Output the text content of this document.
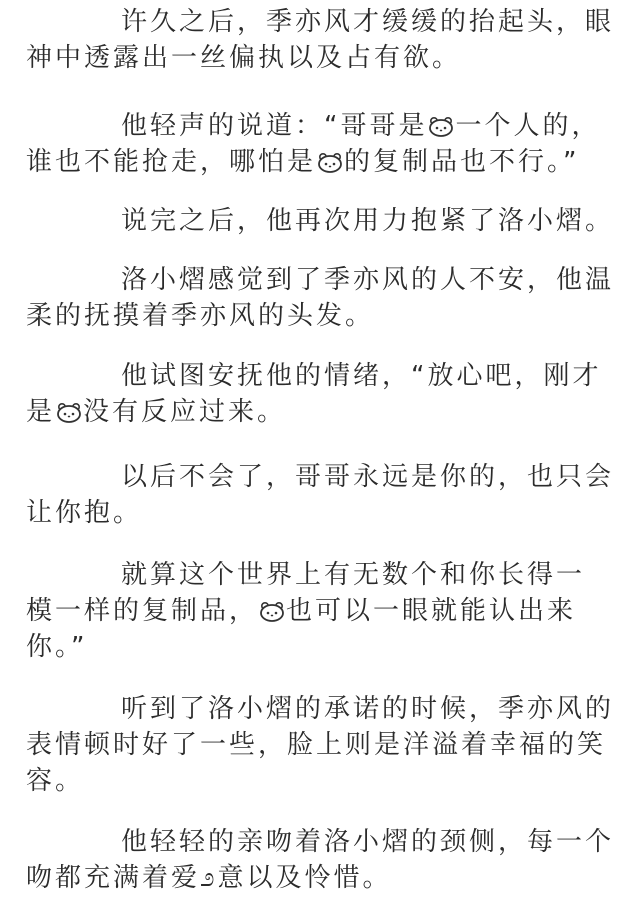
许久之后，季亦风才缓缓的抬起头，眼
神中透露出一丝偏执以及占有欲。
他轻声的说道：“哥哥是 一个人的，
谁也不能抢走，哪怕是 的复制品也不行。”
说完之后，他再次用力抱紧了洛小熠。
洛小熠感觉到了季亦风的人不安，他温
柔的抚摸着季亦风的头发。
他试图安抚他的情绪，“放心吧，刚才
是 没有反应过来。
以后不会了，哥哥永远是你的，也只会
让你抱。
就算这个世界上有无数个和你长得一
模一样的复制品， 也可以一眼就能认出来
你。”
听到了洛小熠的承诺的时候，季亦风的
表情顿时好了一些，脸上则是洋溢着幸福的笑
容。
他轻轻的亲吻着洛小熠的颈侧，每一个
吻都充满着爱೨意以及怜惜。
